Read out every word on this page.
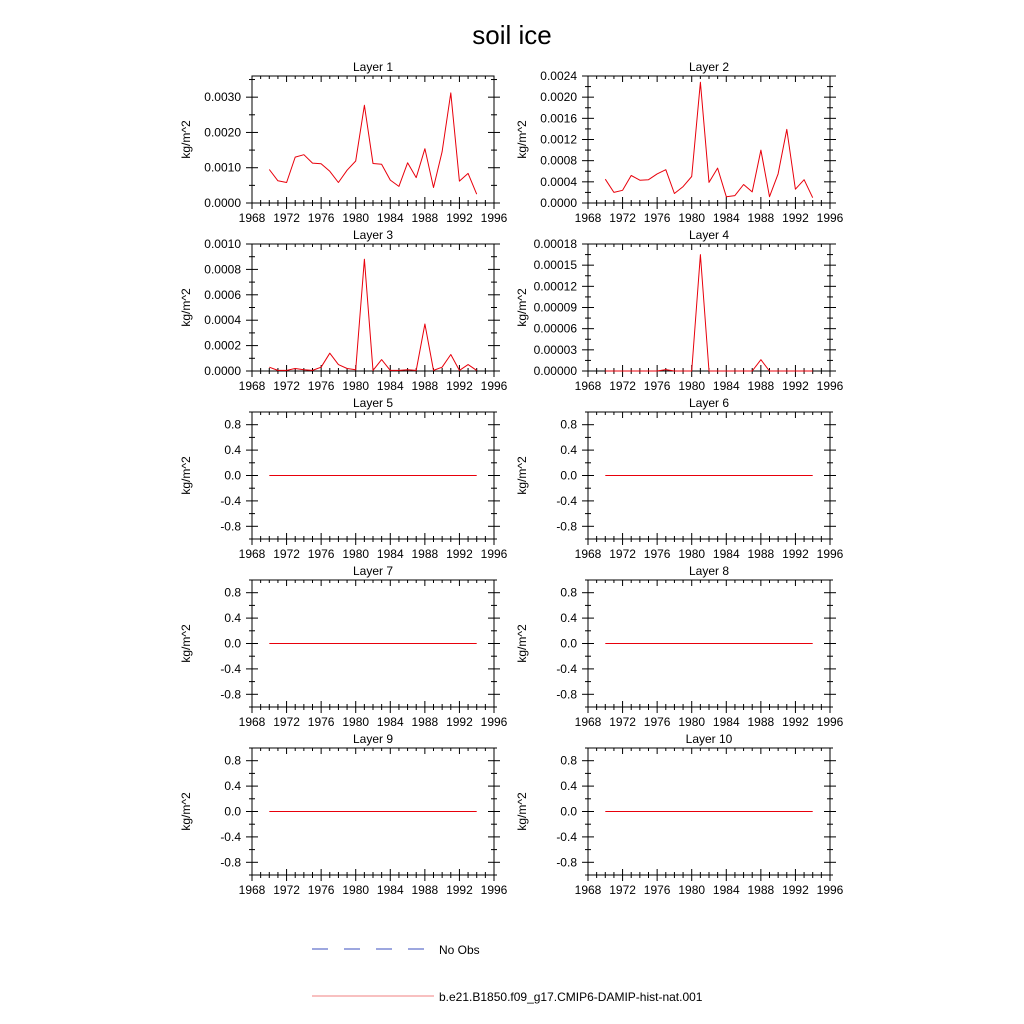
soil ice
Layer 1
kg/m^2
1968 1972 1976 1980 1984 1988 1992 1996
0.0000
0.0010
0.0020
0.0030
Layer 2
kg/m^2
1968 1972 1976 1980 1984 1988 1992 1996
0.0000
0.0004
0.0008
0.0012
0.0016
0.0020
0.0024
Layer 3
kg/m^2
1968 1972 1976 1980 1984 1988 1992 1996
0.0000
0.0002
0.0004
0.0006
0.0008
0.0010
Layer 4
kg/m^2
1968 1972 1976 1980 1984 1988 1992 1996
0.00000
0.00003
0.00006
0.00009
0.00012
0.00015
0.00018
Layer 5
kg/m^2
1968 1972 1976 1980 1984 1988 1992 1996
-0.8
-0.4
0.0
0.4
0.8
Layer 6
kg/m^2
1968 1972 1976 1980 1984 1988 1992 1996
-0.8
-0.4
0.0
0.4
0.8
Layer 7
kg/m^2
1968 1972 1976 1980 1984 1988 1992 1996
-0.8
-0.4
0.0
0.4
0.8
Layer 8
kg/m^2
1968 1972 1976 1980 1984 1988 1992 1996
-0.8
-0.4
0.0
0.4
0.8
Layer 9
kg/m^2
1968 1972 1976 1980 1984 1988 1992 1996
-0.8
-0.4
0.0
0.4
0.8
Layer 10
kg/m^2
1968 1972 1976 1980 1984 1988 1992 1996
-0.8
-0.4
0.0
0.4
0.8
No Obs
b.e21.B1850.f09_g17.CMIP6-DAMIP-hist-nat.001
